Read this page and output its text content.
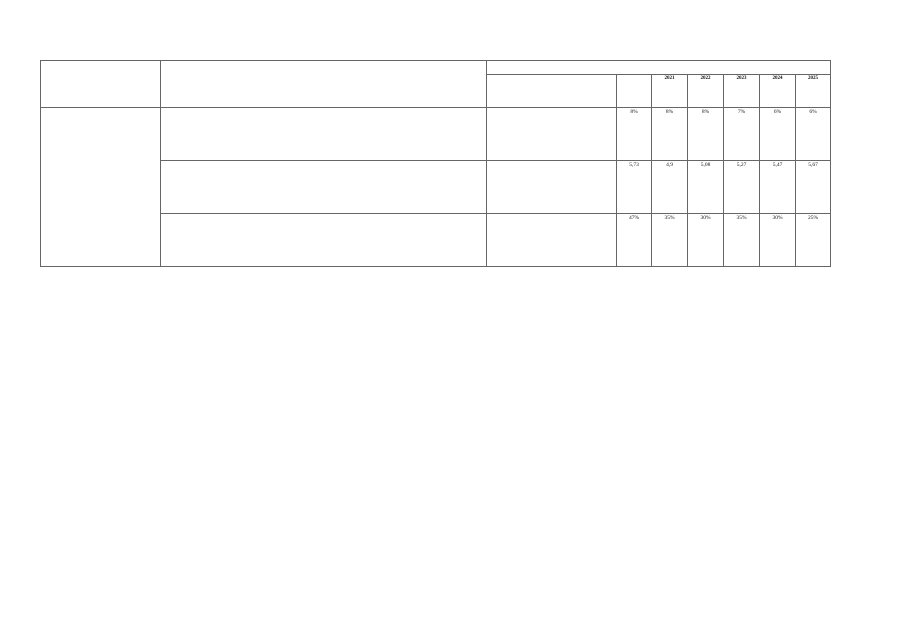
				2021	2022	2023	2024	2025
			8%	8%	8%	7%	6%	6%
			5,73	4,9	5,08	5,27	5,47	5,67
			47%	35%	30%	35%	30%	25%
